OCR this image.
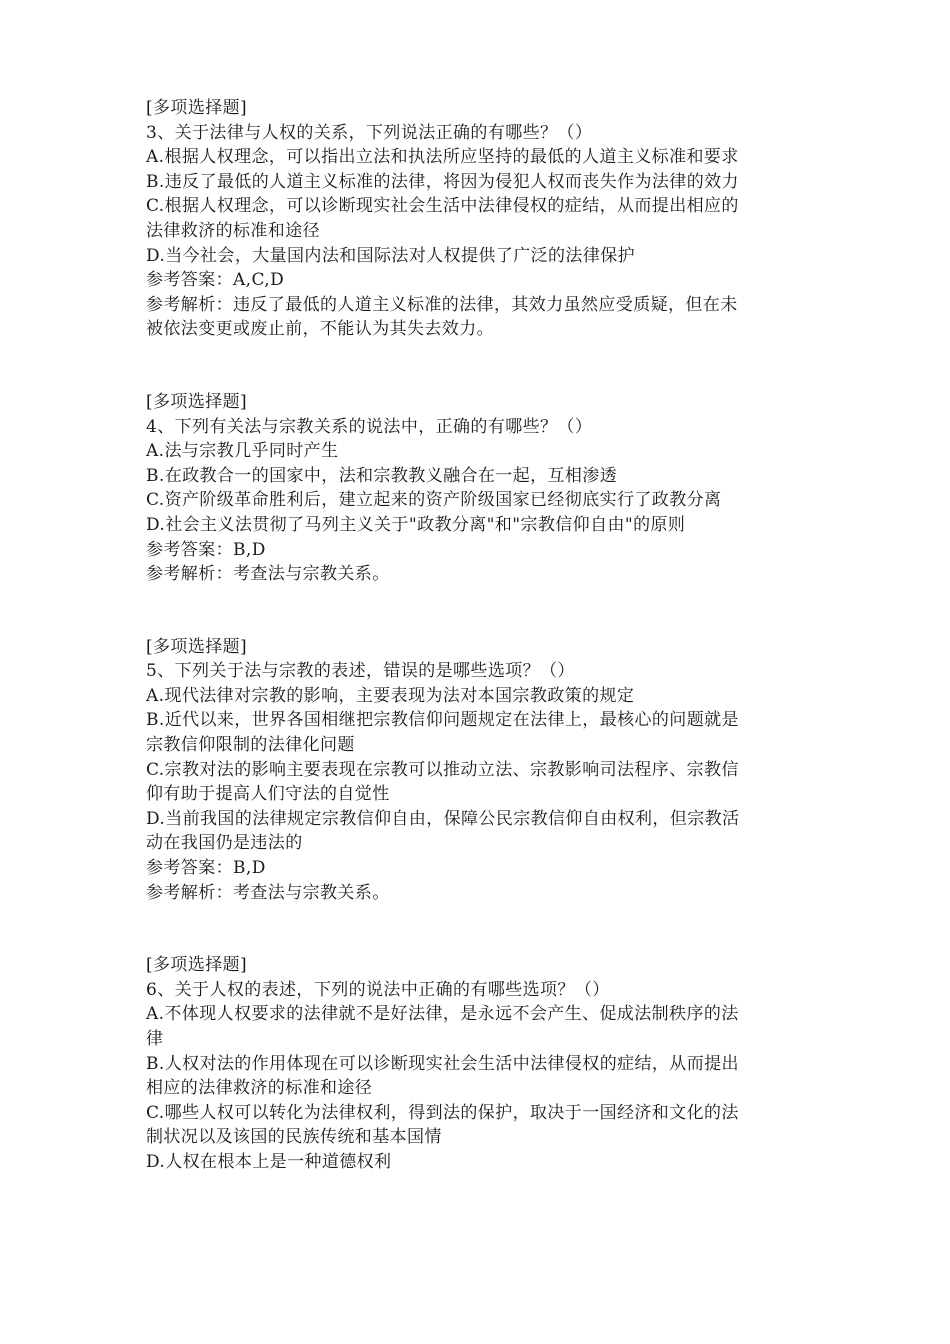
[多项选择题]
3、关于法律与人权的关系，下列说法正确的有哪些？（）
A.根据人权理念，可以指出立法和执法所应坚持的最低的人道主义标准和要求
B.违反了最低的人道主义标准的法律，将因为侵犯人权而丧失作为法律的效力
C.根据人权理念，可以诊断现实社会生活中法律侵权的症结，从而提出相应的
法律救济的标准和途径
D.当今社会，大量国内法和国际法对人权提供了广泛的法律保护
参考答案：A,C,D
参考解析：违反了最低的人道主义标准的法律，其效力虽然应受质疑，但在未
被依法变更或废止前，不能认为其失去效力。
[多项选择题]
4、下列有关法与宗教关系的说法中，正确的有哪些？（）
A.法与宗教几乎同时产生
B.在政教合一的国家中，法和宗教教义融合在一起，互相渗透
C.资产阶级革命胜利后，建立起来的资产阶级国家已经彻底实行了政教分离
D.社会主义法贯彻了马列主义关于"政教分离"和"宗教信仰自由"的原则
参考答案：B,D
参考解析：考查法与宗教关系。
[多项选择题]
5、下列关于法与宗教的表述，错误的是哪些选项？（）
A.现代法律对宗教的影响，主要表现为法对本国宗教政策的规定
B.近代以来，世界各国相继把宗教信仰问题规定在法律上，最核心的问题就是
宗教信仰限制的法律化问题
C.宗教对法的影响主要表现在宗教可以推动立法、宗教影响司法程序、宗教信
仰有助于提高人们守法的自觉性
D.当前我国的法律规定宗教信仰自由，保障公民宗教信仰自由权利，但宗教活
动在我国仍是违法的
参考答案：B,D
参考解析：考查法与宗教关系。
[多项选择题]
6、关于人权的表述，下列的说法中正确的有哪些选项？（）
A.不体现人权要求的法律就不是好法律，是永远不会产生、促成法制秩序的法
律
B.人权对法的作用体现在可以诊断现实社会生活中法律侵权的症结，从而提出
相应的法律救济的标准和途径
C.哪些人权可以转化为法律权利，得到法的保护，取决于一国经济和文化的法
制状况以及该国的民族传统和基本国情
D.人权在根本上是一种道德权利
